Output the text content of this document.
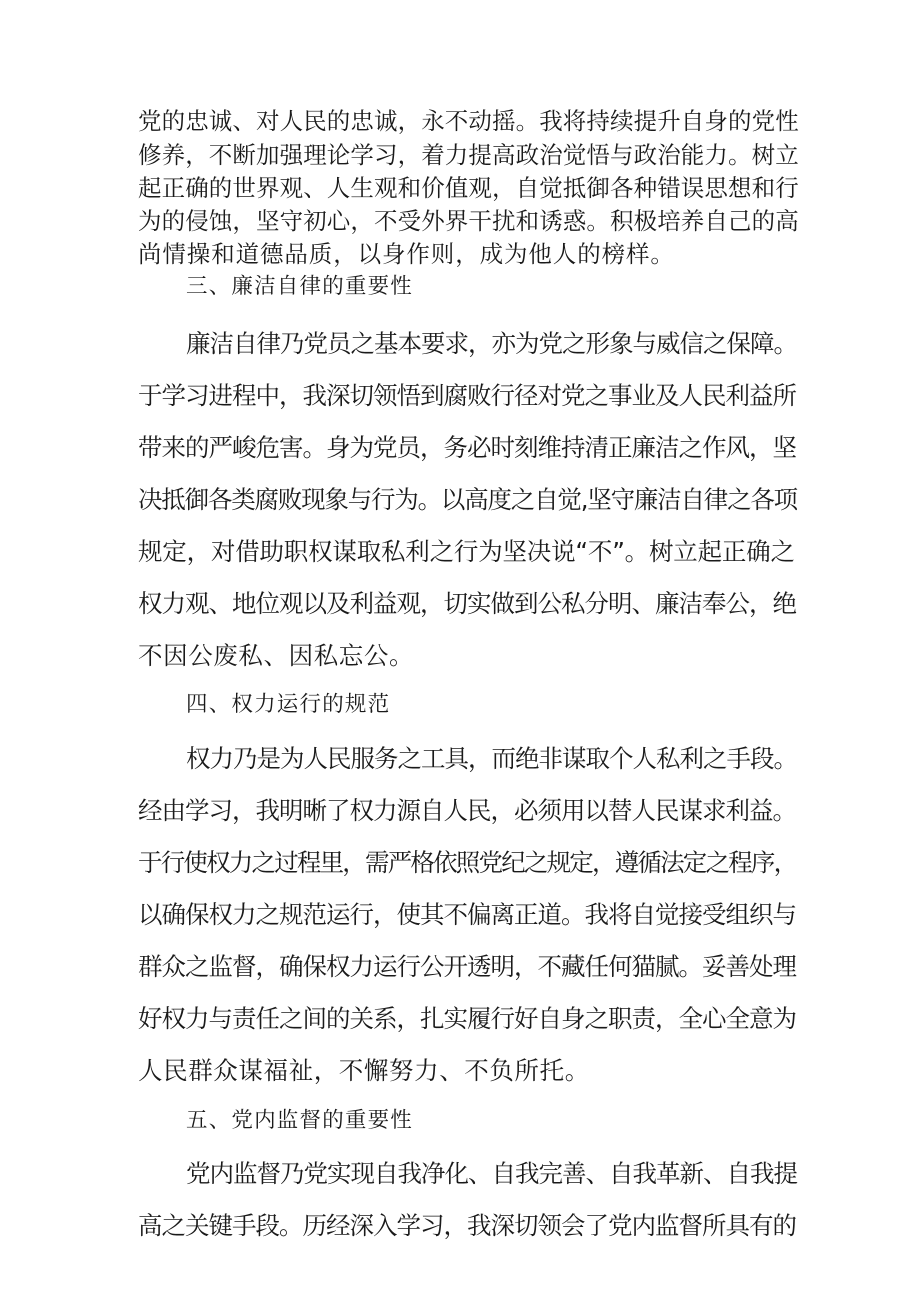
党的忠诚、对人民的忠诚，永不动摇。我将持续提升自身的党性
修养，不断加强理论学习，着力提高政治觉悟与政治能力。树立
起正确的世界观、人生观和价值观，自觉抵御各种错误思想和行
为的侵蚀，坚守初心，不受外界干扰和诱惑。积极培养自己的高
尚情操和道德品质，以身作则，成为他人的榜样。
三、廉洁自律的重要性
廉洁自律乃党员之基本要求，亦为党之形象与威信之保障。
于学习进程中，我深切领悟到腐败行径对党之事业及人民利益所
带来的严峻危害。身为党员，务必时刻维持清正廉洁之作风，坚
决抵御各类腐败现象与行为。以高度之自觉,坚守廉洁自律之各项
规定，对借助职权谋取私利之行为坚决说“不”。树立起正确之
权力观、地位观以及利益观，切实做到公私分明、廉洁奉公，绝
不因公废私、因私忘公。
四、权力运行的规范
权力乃是为人民服务之工具，而绝非谋取个人私利之手段。
经由学习，我明晰了权力源自人民，必须用以替人民谋求利益。
于行使权力之过程里，需严格依照党纪之规定，遵循法定之程序，
以确保权力之规范运行，使其不偏离正道。我将自觉接受组织与
群众之监督，确保权力运行公开透明，不藏任何猫腻。妥善处理
好权力与责任之间的关系，扎实履行好自身之职责，全心全意为
人民群众谋福祉，不懈努力、不负所托。
五、党内监督的重要性
党内监督乃党实现自我净化、自我完善、自我革新、自我提
高之关键手段。历经深入学习，我深切领会了党内监督所具有的
